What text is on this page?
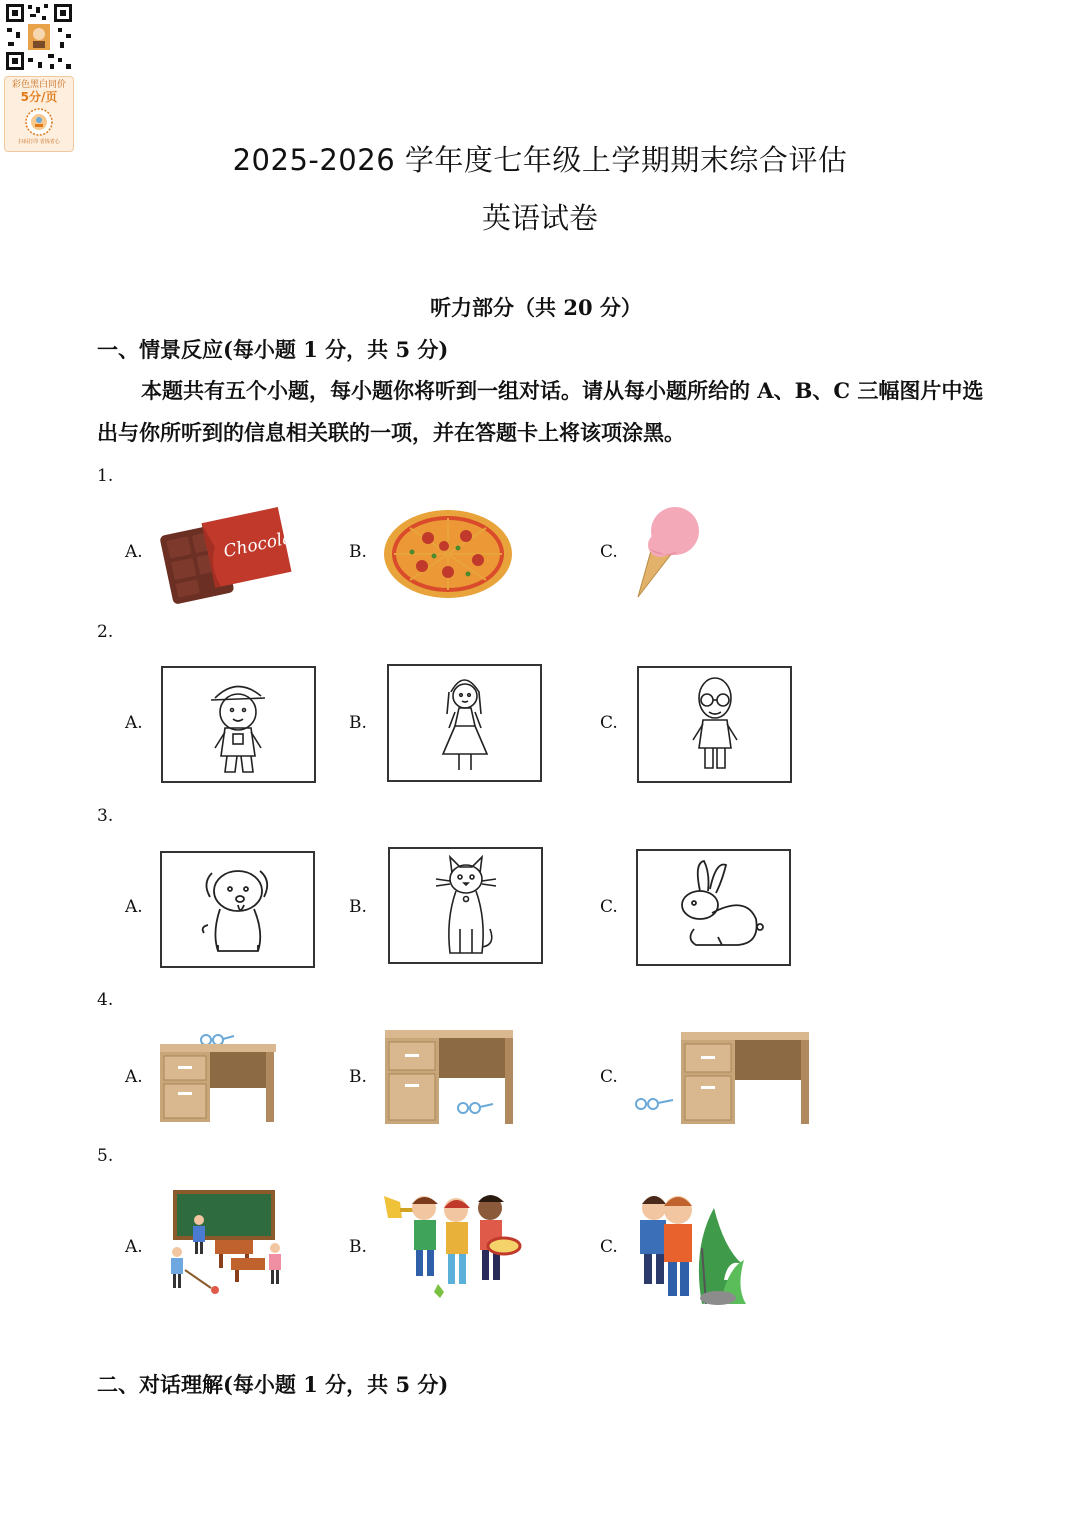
彩色黑白同价
5分/页
扫码打印 省钱省心
2025-2026 学年度七年级上学期期末综合评估
英语试卷
听力部分（共 20 分）
一、情景反应(每小题 1 分，共 5 分)
本题共有五个小题，每小题你将听到一组对话。请从每小题所给的 A、B、C 三幅图片中选出与你所听到的信息相关联的一项，并在答题卡上将该项涂黑。
1.
A.	B.	C.
Chocolate
2.
A.	B.	C.
3.
A.	B.	C.
4.
A.	B.	C.
5.
A.	B.	C.
二、对话理解(每小题 1 分，共 5 分)
